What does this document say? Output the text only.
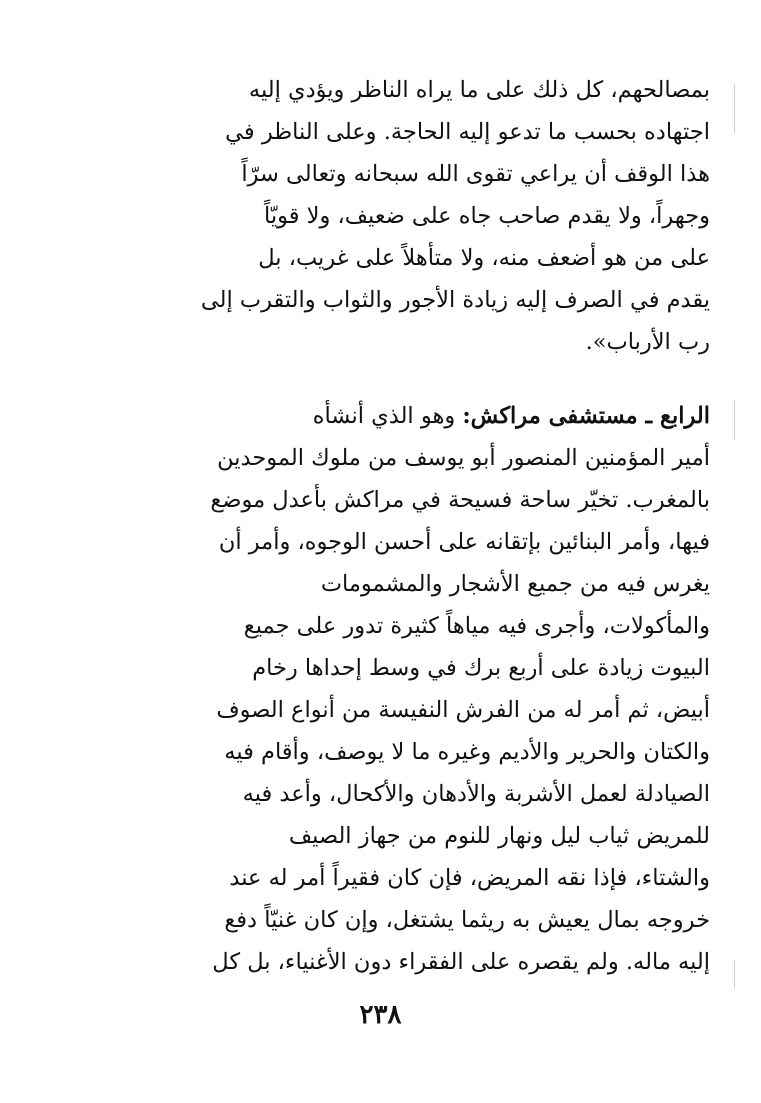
بمصالحهم، كل ذلك على ما يراه الناظر ويؤدي إليه
اجتهاده بحسب ما تدعو إليه الحاجة. وعلى الناظر في
هذا الوقف أن يراعي تقوى الله سبحانه وتعالى سرّاً
وجهراً، ولا يقدم صاحب جاه على ضعيف، ولا قويّاً
على من هو أضعف منه، ولا متأهلاً على غريب، بل
يقدم في الصرف إليه زيادة الأجور والثواب والتقرب إلى
رب الأرباب».
الرابع ـ مستشفى مراكش: وهو الذي أنشأه
أمير المؤمنين المنصور أبو يوسف من ملوك الموحدين
بالمغرب. تخيّر ساحة فسيحة في مراكش بأعدل موضع
فيها، وأمر البنائين بإتقانه على أحسن الوجوه، وأمر أن
يغرس فيه من جميع الأشجار والمشمومات
والمأكولات، وأجرى فيه مياهاً كثيرة تدور على جميع
البيوت زيادة على أربع برك في وسط إحداها رخام
أبيض، ثم أمر له من الفرش النفيسة من أنواع الصوف
والكتان والحرير والأديم وغيره ما لا يوصف، وأقام فيه
الصيادلة لعمل الأشربة والأدهان والأكحال، وأعد فيه
للمريض ثياب ليل ونهار للنوم من جهاز الصيف
والشتاء، فإذا نقه المريض، فإن كان فقيراً أمر له عند
خروجه بمال يعيش به ريثما يشتغل، وإن كان غنيّاً دفع
إليه ماله. ولم يقصره على الفقراء دون الأغنياء، بل كل
٢٣٨
